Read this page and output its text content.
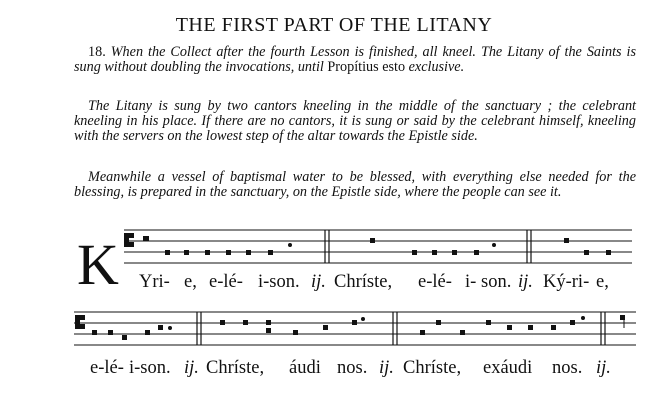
THE FIRST PART OF THE LITANY
18. When the Collect after the fourth Lesson is finished, all kneel. The Litany of the Saints is sung without doubling the invocations, until Propítius esto exclusive.
The Litany is sung by two cantors kneeling in the middle of the sanctuary ; the celebrant kneeling in his place. If there are no cantors, it is sung or said by the celebrant himself, kneeling with the servers on the lowest step of the altar towards the Epistle side.
Meanwhile a vessel of baptismal water to be blessed, with everything else needed for the blessing, is prepared in the sanctuary, on the Epistle side, where the people can see it.
K Yri- e, e-lé- i-son. ij. Chríste, e-lé- i- son. ij. Ký-ri- e,
e-lé- i-son. ij. Chríste, áudi nos. ij. Chríste, exáudi nos. ij.
